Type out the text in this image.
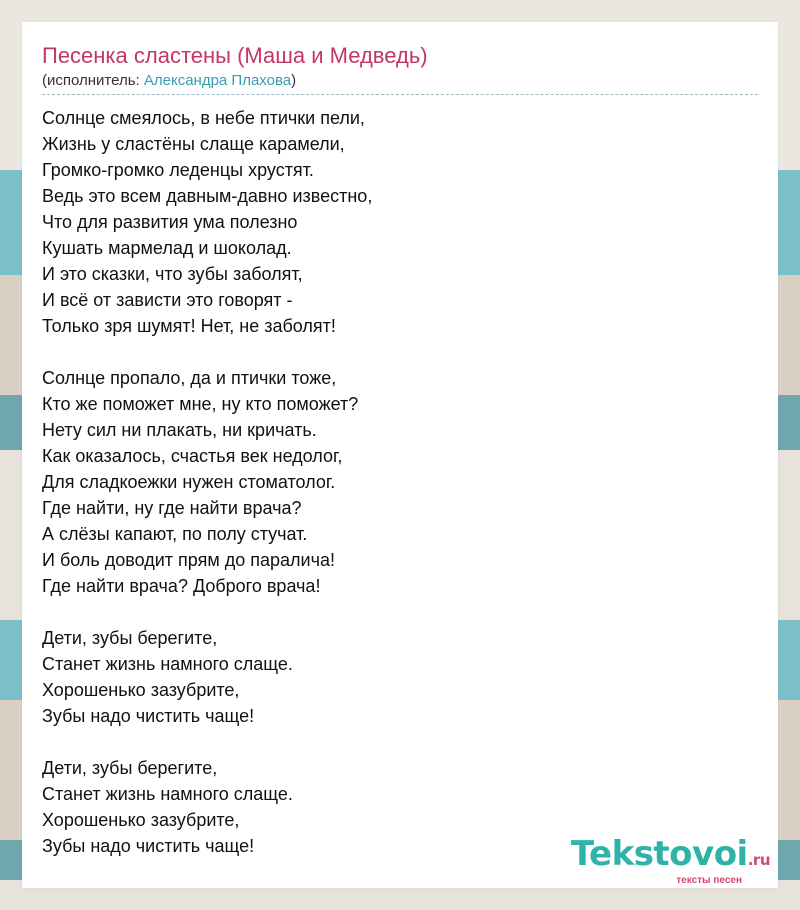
Песенка сластены (Маша и Медведь)
(исполнитель: Александра Плахова)
Солнце смеялось, в небе птички пели,
Жизнь у сластёны слаще карамели,
Громко-громко леденцы хрустят.
Ведь это всем давным-давно известно,
Что для развития ума полезно
Кушать мармелад и шоколад.
И это сказки, что зубы заболят,
И всё от зависти это говорят -
Только зря шумят! Нет, не заболят!
Солнце пропало, да и птички тоже,
Кто же поможет мне, ну кто поможет?
Нету сил ни плакать, ни кричать.
Как оказалось, счастья век недолог,
Для сладкоежки нужен стоматолог.
Где найти, ну где найти врача?
А слёзы капают, по полу стучат.
И боль доводит прям до паралича!
Где найти врача? Доброго врача!
Дети, зубы берегите,
Станет жизнь намного слаще.
Хорошенько зазубрите,
Зубы надо чистить чаще!
Дети, зубы берегите,
Станет жизнь намного слаще.
Хорошенько зазубрите,
Зубы надо чистить чаще!	Tekstovoi.ru
тексты песен
